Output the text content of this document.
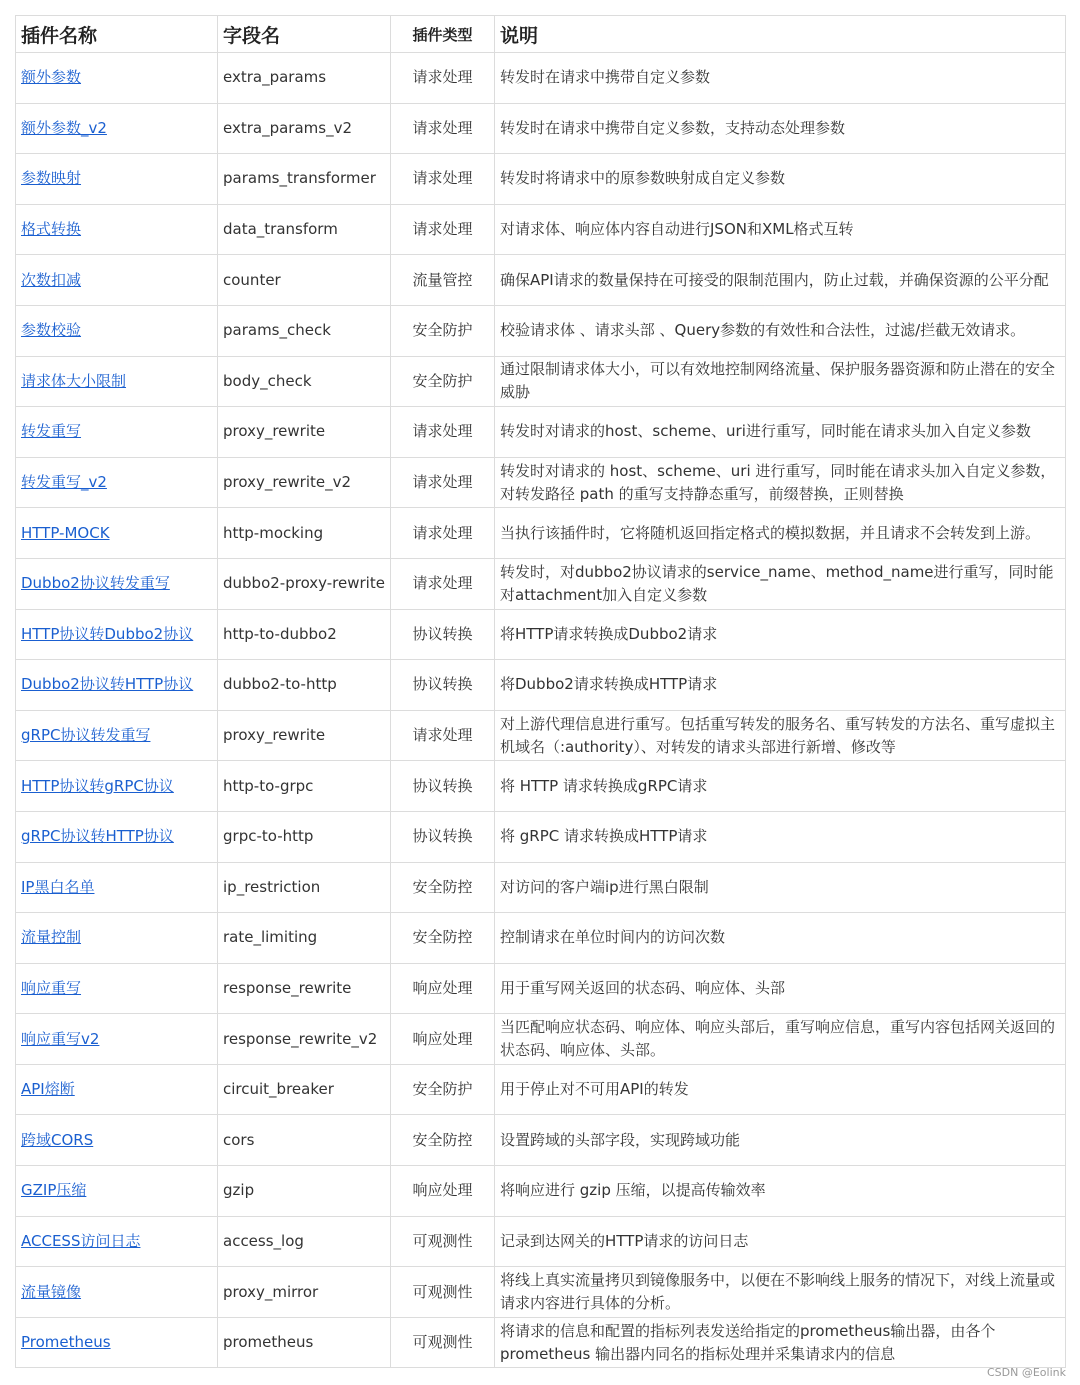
插件名称	字段名	插件类型	说明
额外参数	extra_params	请求处理	转发时在请求中携带自定义参数
额外参数_v2	extra_params_v2	请求处理	转发时在请求中携带自定义参数，支持动态处理参数
参数映射	params_transformer	请求处理	转发时将请求中的原参数映射成自定义参数
格式转换	data_transform	请求处理	对请求体、响应体内容自动进行JSON和XML格式互转
次数扣减	counter	流量管控	确保API请求的数量保持在可接受的限制范围内，防止过载，并确保资源的公平分配
参数校验	params_check	安全防护	校验请求体 、请求头部 、Query参数的有效性和合法性，过滤/拦截无效请求。
请求体大小限制	body_check	安全防护	通过限制请求体大小，可以有效地控制网络流量、保护服务器资源和防止潜在的安全威胁
转发重写	proxy_rewrite	请求处理	转发时对请求的host、scheme、uri进行重写，同时能在请求头加入自定义参数
转发重写_v2	proxy_rewrite_v2	请求处理	转发时对请求的 host、scheme、uri 进行重写，同时能在请求头加入自定义参数，对转发路径 path 的重写支持静态重写，前缀替换，正则替换
HTTP-MOCK	http-mocking	请求处理	当执行该插件时，它将随机返回指定格式的模拟数据，并且请求不会转发到上游。
Dubbo2协议转发重写	dubbo2-proxy-rewrite	请求处理	转发时，对dubbo2协议请求的service_name、method_name进行重写，同时能对attachment加入自定义参数
HTTP协议转Dubbo2协议	http-to-dubbo2	协议转换	将HTTP请求转换成Dubbo2请求
Dubbo2协议转HTTP协议	dubbo2-to-http	协议转换	将Dubbo2请求转换成HTTP请求
gRPC协议转发重写	proxy_rewrite	请求处理	对上游代理信息进行重写。包括重写转发的服务名、重写转发的方法名、重写虚拟主机域名（:authority）、对转发的请求头部进行新增、修改等
HTTP协议转gRPC协议	http-to-grpc	协议转换	将 HTTP 请求转换成gRPC请求
gRPC协议转HTTP协议	grpc-to-http	协议转换	将 gRPC 请求转换成HTTP请求
IP黑白名单	ip_restriction	安全防控	对访问的客户端ip进行黑白限制
流量控制	rate_limiting	安全防控	控制请求在单位时间内的访问次数
响应重写	response_rewrite	响应处理	用于重写网关返回的状态码、响应体、头部
响应重写v2	response_rewrite_v2	响应处理	当匹配响应状态码、响应体、响应头部后，重写响应信息，重写内容包括网关返回的状态码、响应体、头部。
API熔断	circuit_breaker	安全防护	用于停止对不可用API的转发
跨域CORS	cors	安全防控	设置跨域的头部字段，实现跨域功能
GZIP压缩	gzip	响应处理	将响应进行 gzip 压缩，以提高传输效率
ACCESS访问日志	access_log	可观测性	记录到达网关的HTTP请求的访问日志
流量镜像	proxy_mirror	可观测性	将线上真实流量拷贝到镜像服务中，以便在不影响线上服务的情况下，对线上流量或请求内容进行具体的分析。
Prometheus	prometheus	可观测性	将请求的信息和配置的指标列表发送给指定的prometheus输出器，由各个prometheus 输出器内同名的指标处理并采集请求内的信息
CSDN @Eolink
